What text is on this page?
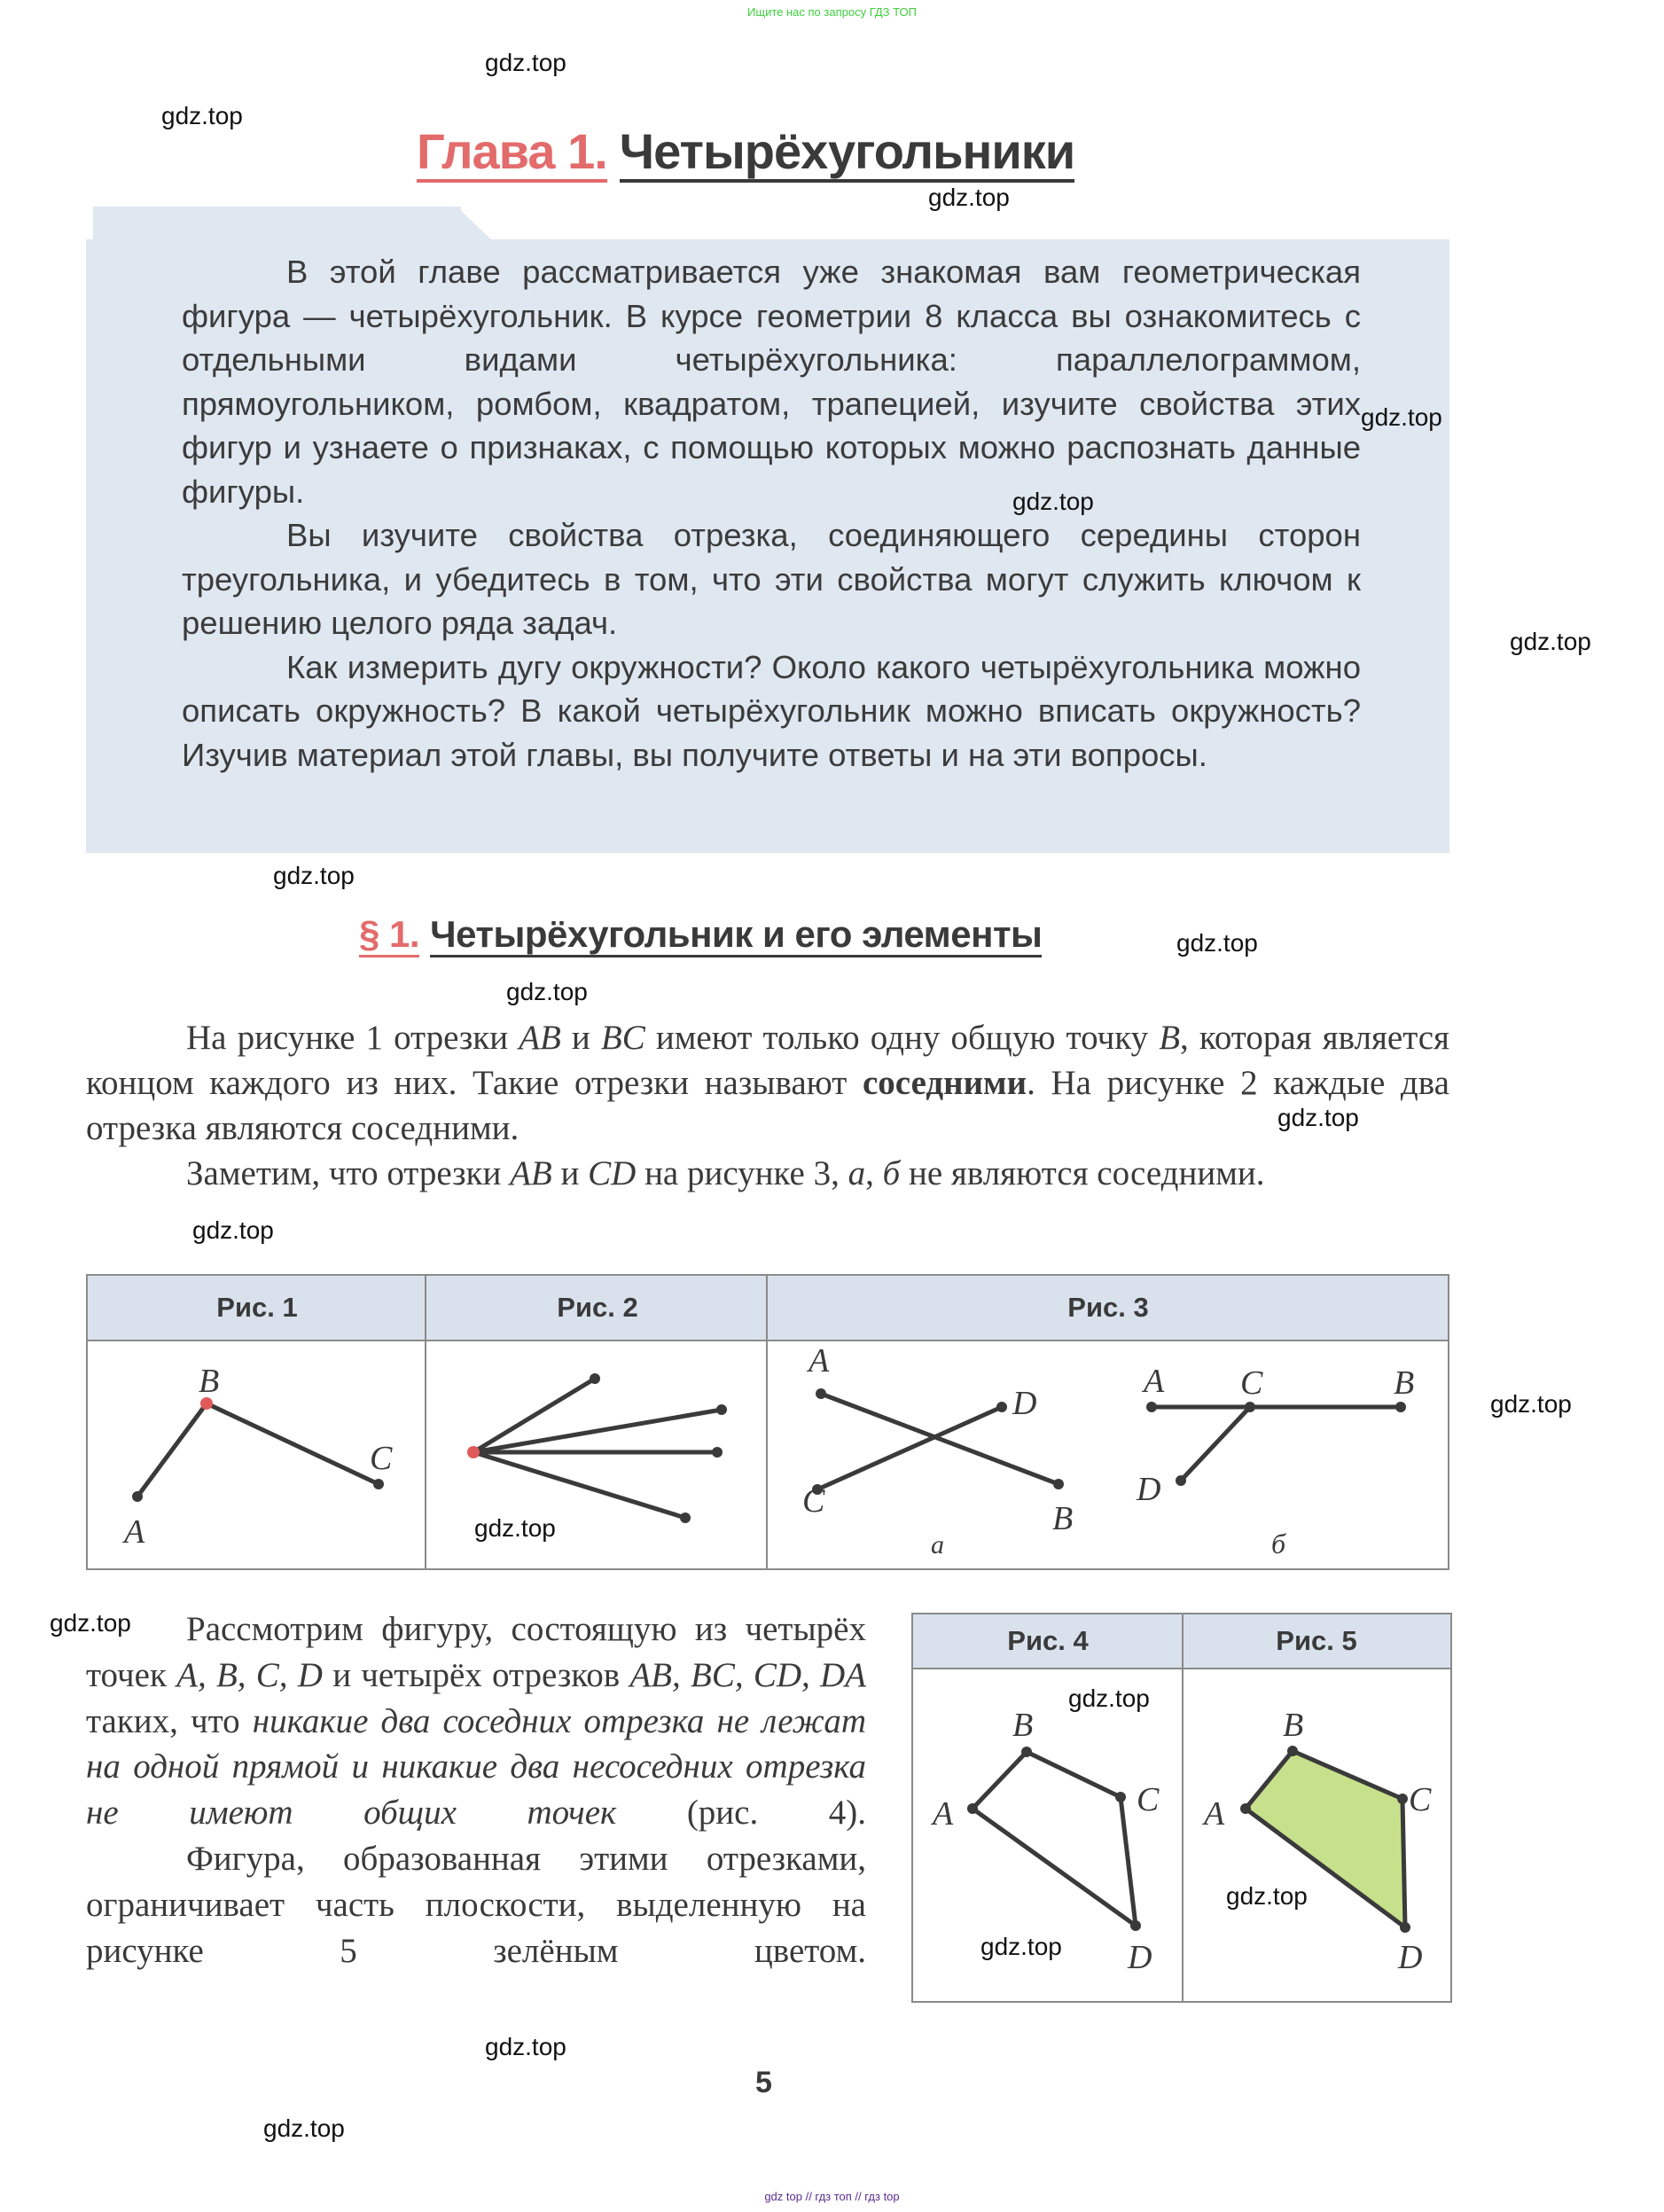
Ищите нас по запросу ГДЗ ТОП
Глава 1. Четырёхугольники

В этой главе рассматривается уже знакомая вам геометрическая фигура — четырёхугольник. В курсе геометрии 8 класса вы ознакомитесь с отдельными видами четырёхугольника: параллелограммом, прямоугольником, ромбом, квадратом, трапецией, изучите свойства этих фигур и узнаете о признаках, с помощью которых можно распознать данные фигуры.

Вы изучите свойства отрезка, соединяющего середины сторон треугольника, и убедитесь в том, что эти свойства могут служить ключом к решению целого ряда задач.

Как измерить дугу окружности? Около какого четырёхугольника можно описать окружность? В какой четырёхугольник можно вписать окружность? Изучив материал этой главы, вы получите ответы и на эти вопросы.

§ 1. Четырёхугольник и его элементы

На рисунке 1 отрезки AB и BC имеют только одну общую точку B, которая является концом каждого из них. Такие отрезки называют соседними. На рисунке 2 каждые два отрезка являются соседними.

Заметим, что отрезки AB и CD на рисунке 3, а, б не являются соседними.

Рис. 1	Рис. 2	Рис. 3
B
A
C
A
D
C	B
A C	B
D
а	б

Рассмотрим фигуру, состоящую из четырёх точек A, B, C, D и четырёх отрезков AB, BC, CD, DA таких, что никакие два соседних отрезка не лежат на одной прямой и никакие два несоседних отрезка не имеют общих точек (рис. 4).

Фигура, образованная этими отрезками, ограничивает часть плоскости, выделенную на рисунке 5 зелёным цветом.

Рис. 4	Рис. 5
B
A	C
D
B
A	C
D
5
gdz.top
gdz.top
gdz.top
gdz.top
gdz.top
gdz.top
gdz.top
gdz.top
gdz.top
gdz.top
gdz.top
gdz.top
gdz.top
gdz.top
gdz.top
gdz.top
gdz.top
gdz.top
gdz.top
gdz top // гдз топ // гдз top
